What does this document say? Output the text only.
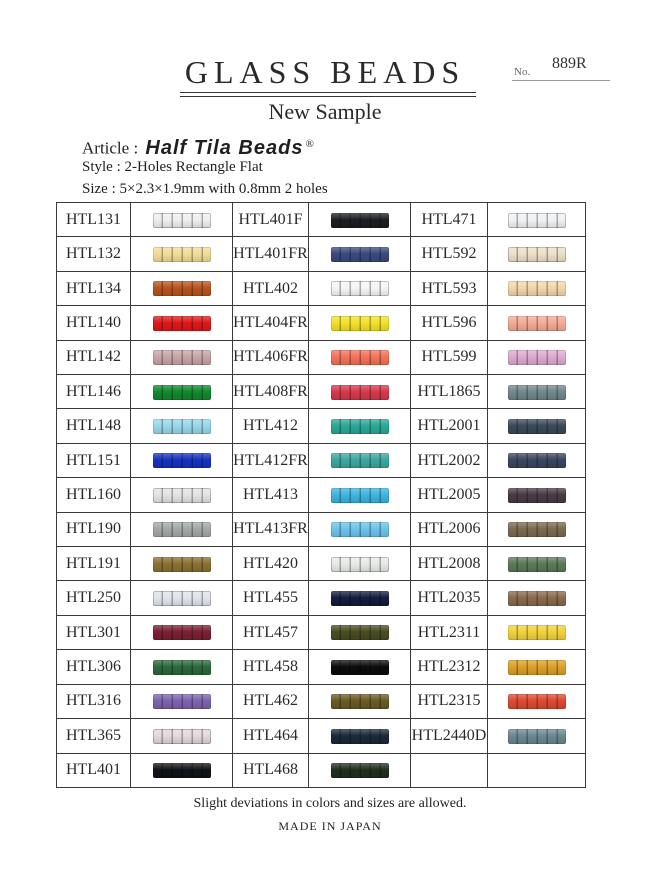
GLASS BEADS	No. 889R
New Sample
Article : Half Tila Beads ®
Style : 2-Holes Rectangle Flat
Size : 5×2.3×1.9mm with 0.8mm 2 holes
HTL131		HTL401F		HTL471	
HTL132		HTL401FR		HTL592	
HTL134		HTL402		HTL593	
HTL140		HTL404FR		HTL596	
HTL142		HTL406FR		HTL599	
HTL146		HTL408FR		HTL1865	
HTL148		HTL412		HTL2001	
HTL151		HTL412FR		HTL2002	
HTL160		HTL413		HTL2005	
HTL190		HTL413FR		HTL2006	
HTL191		HTL420		HTL2008	
HTL250		HTL455		HTL2035	
HTL301		HTL457		HTL2311	
HTL306		HTL458		HTL2312	
HTL316		HTL462		HTL2315	
HTL365		HTL464		HTL2440D	
HTL401		HTL468			
Slight deviations in colors and sizes are allowed.
MADE IN JAPAN
